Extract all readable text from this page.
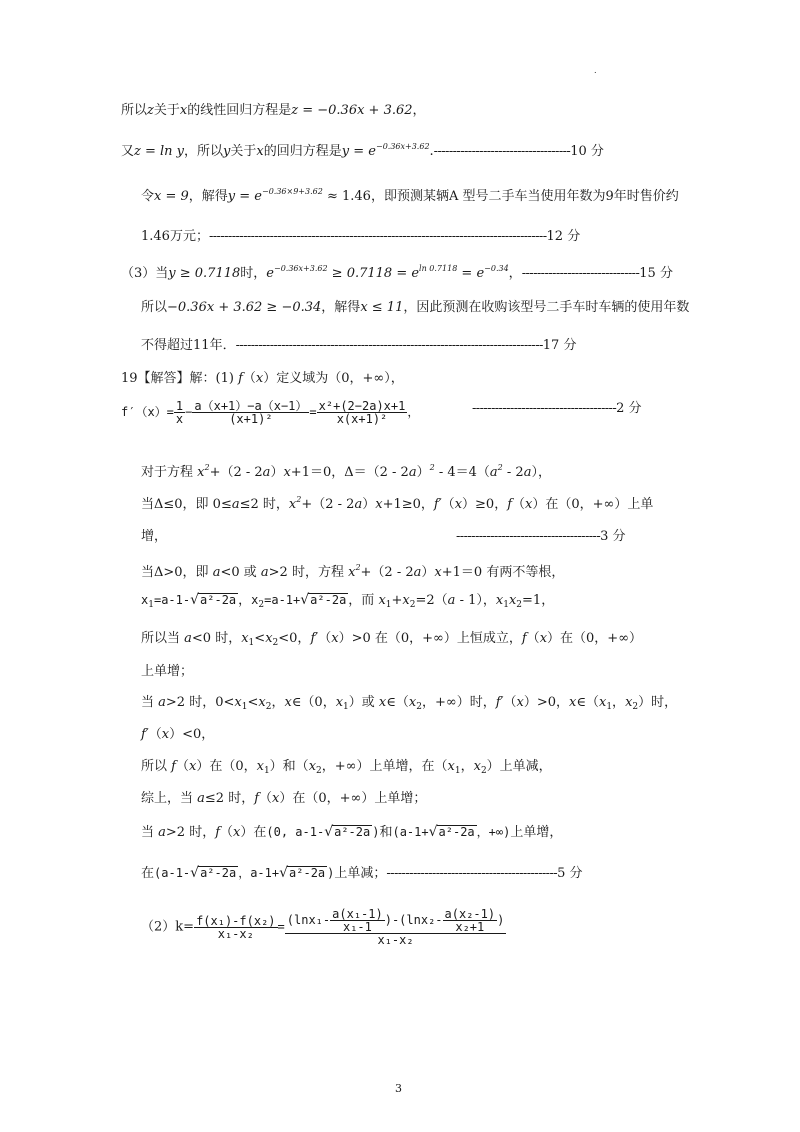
.
所以z关于x的线性回归方程是z = −0.36x + 3.62，
又z = ln y，所以y关于x的回归方程是$y = e^{-0.36x+3.62}.------------------------------------10$ 分
令x = 9，解得$y = e^{-0.36\times 9+3.62} \approx 1.46$，即预测某辆A 型号二手车当使用年数为9年时售价约
1.46万元；-----------------------------------------------------------------------------------------12 分
（3）当y ≥ 0.7118时，$e^{-0.36x+3.62} \ge 0.7118 = e^{ln 0.7118} = e^{-0.34}$，-------------------------------15 分
所以−0.36x + 3.62 ≥ −0.34，解得x ≤ 11，因此预测在收购该型号二手车时车辆的使用年数
不得超过11年．---------------------------------------------------------------------------------17 分
19【解答】解：(1) f（x）定义域为（0，+∞），
$f'(x)= \frac{1}{x} - \frac{a(x+1)-a(x-1)}{\text{(x+1)²}} = \frac{\text{x²+(2−2a)x+1}}{\text{x(x+1)²}}$ ，	--------------------------------------2 分
对于方程 $x^2+(2 - 2a)x+1=0$，$\Delta=(2 - 2a)^2 - 4=4(a^2 - 2a)$，
当Δ≤0，即 0≤a≤2 时，$x^2+(2 - 2a)x+1\ge 0$，f′（x）≥0，f（x）在（0，+∞）上单
增，	--------------------------------------3 分
当Δ>0，即 a<0 或 a>2 时，方程 $x^2+(2 - 2a)x+1=0$ 有两不等根，
$x_1=a-1-√a^2-2a$ ，$x_2=a-1+√a^2-2a$ ，而 $x_1+x_2=2(a - 1)$，$x_1x_2=1$，
所以当 a<0 时，$x_1<x_2<0$，f′（x）>0 在（0，+∞）上恒成立，f（x）在（0，+∞）
上单增；
当 a>2 时，$0<x_1<x_2$，x∈（0，$x_1$）或 $x\in(x_2$，+∞）时，f′（x）>0，$x\in(x_1$，$x_2$）时，
f′（x）<0，
所以 f（x）在（0，$x_1$）和（$x_2$，+∞）上单增，在（$x_1$，$x_2$）上单减，
综上，当 a≤2 时，f（x）在（0，+∞）上单增；
当 a>2 时，f（x）在(0, a-1-√a²-2a )和(a-1+√a²-2a ，+∞)上单增，
在(a-1-√a²-2a ，a-1+√a²-2a )上单减；---------------------------------------------5 分
$(2)k= \frac{\text{f(x₁)-f(x₂)}}{\text{x₁-x₂}} = \frac{(\ln x_1- \frac{\text{a(x₁-1)}}{\text{x₁-1}} )-(\ln x_2- \frac{\text{a(x₂-1)}}{\text{x₂+1}} )}{\text{x₁-x₂}}$
3
